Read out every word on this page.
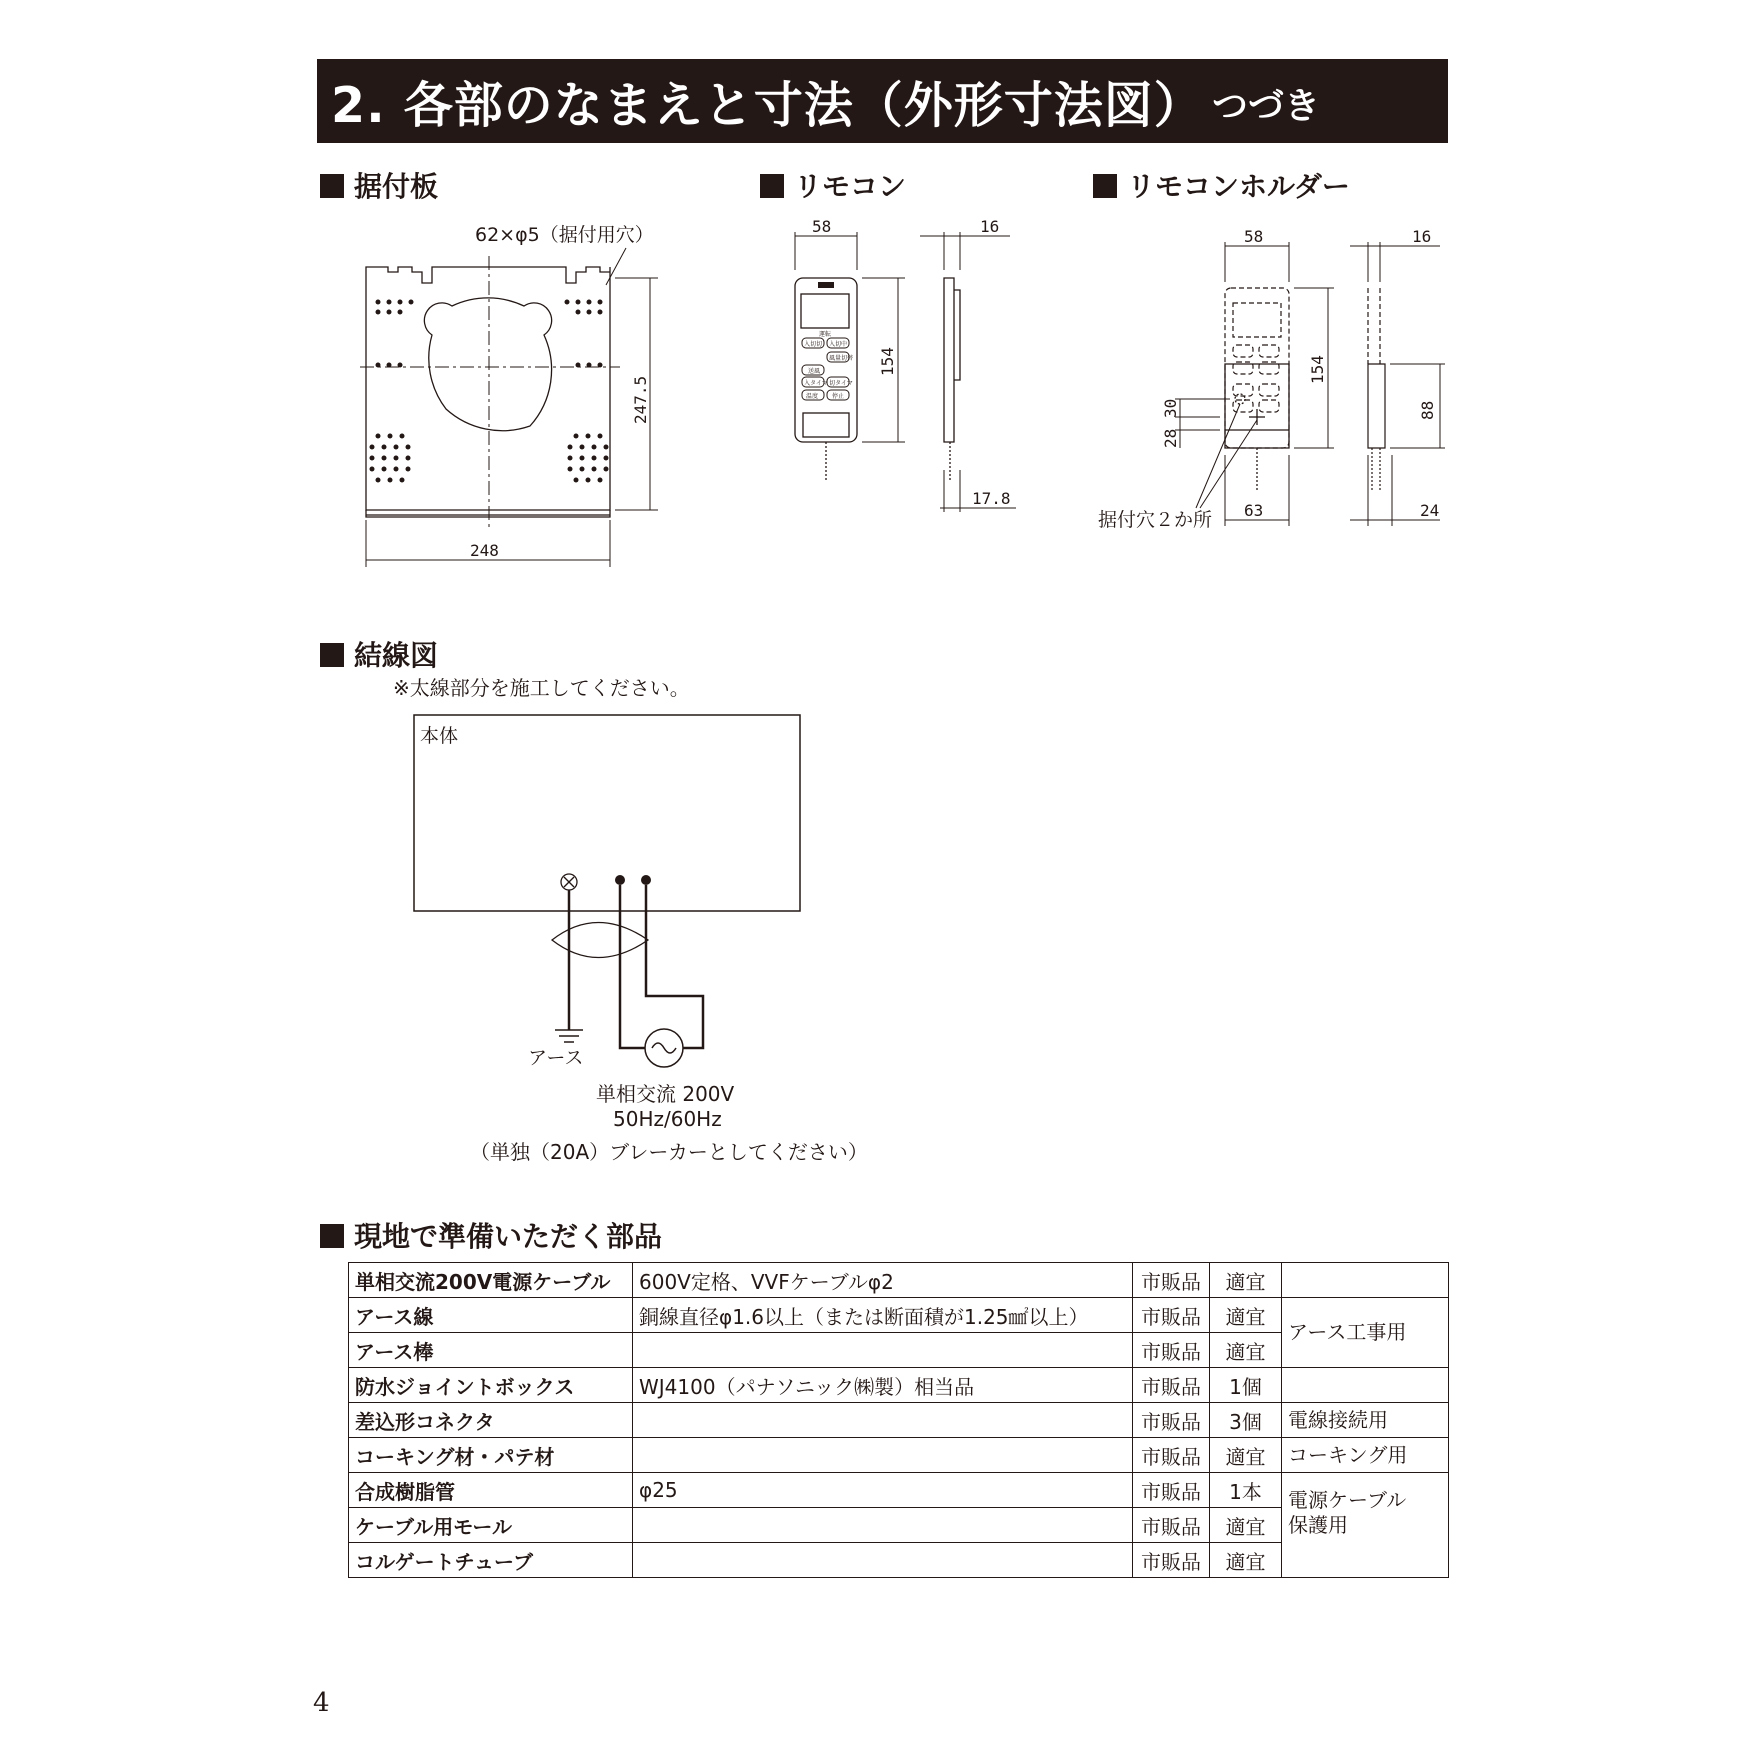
2. 各部のなまえと寸法（外形寸法図） つづき
据付板	リモコン	リモコンホルダー
248
247.5
62×φ5（据付用穴）
運転
入切切 入切中
風量切替
送風
入タイマ 切タイマ
温度 停止
58	16
154
17.8
58	16
154
88
30
28
63	24
据付穴２か所
結線図
※太線部分を施工してください。
本体
アース
単相交流 200V
50Hz/60Hz
（単独（20A）ブレーカーとしてください）
現地で準備いただく部品
単相交流200V電源ケーブル	600V定格、VVFケーブルφ2	市販品	適宜	
アース線	銅線直径φ1.6以上（または断面積が1.25㎟以上）	市販品	適宜	アース工事用
アース棒		市販品	適宜	
防水ジョイントボックス	WJ4100（パナソニック㈱製）相当品	市販品	1個	
差込形コネクタ		市販品	3個	電線接続用
コーキング材・パテ材		市販品	適宜	コーキング用
合成樹脂管	φ25	市販品	1本	電源ケーブル
保護用

ケーブル用モール		市販品	適宜	
コルゲートチューブ		市販品	適宜	
4
